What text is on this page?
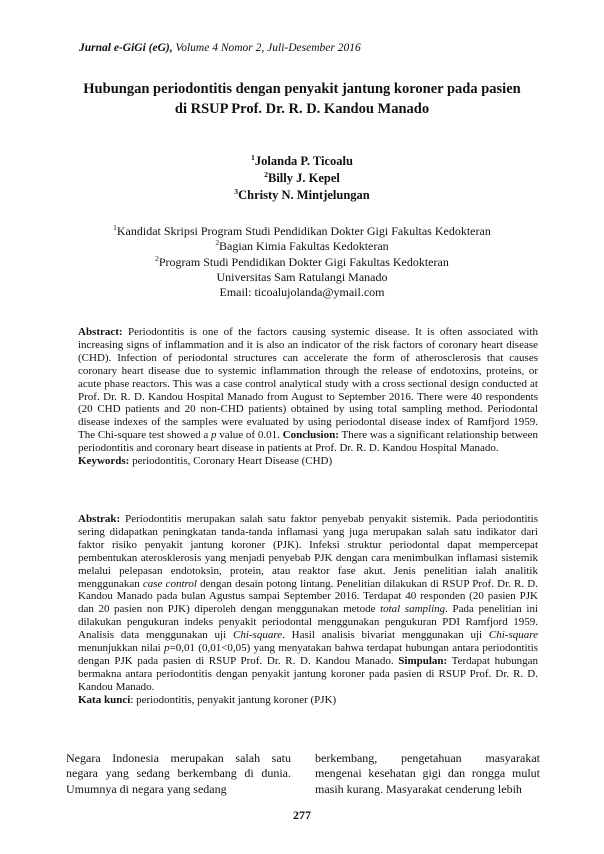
Jurnal e-GiGi (eG), Volume 4 Nomor 2, Juli-Desember 2016
Hubungan periodontitis dengan penyakit jantung koroner pada pasien
di RSUP Prof. Dr. R. D. Kandou Manado
$^1$Jolanda P. Ticoalu
$^2$Billy J. Kepel
$^3$Christy N. Mintjelungan
$^1$Kandidat Skripsi Program Studi Pendidikan Dokter Gigi Fakultas Kedokteran
$^2$Bagian Kimia Fakultas Kedokteran
$^2$Program Studi Pendidikan Dokter Gigi Fakultas Kedokteran
Universitas Sam Ratulangi Manado
Email: ticoalujolanda@ymail.com

Abstract: Periodontitis is one of the factors causing systemic disease. It is often associated with increasing signs of inflammation and it is also an indicator of the risk factors of coronary heart disease (CHD). Infection of periodontal structures can accelerate the form of atherosclerosis that causes coronary heart disease due to systemic inflammation through the release of endotoxins, proteins, or acute phase reactors. This was a case control analytical study with a cross sectional design conducted at Prof. Dr. R. D. Kandou Hospital Manado from August to September 2016. There were 40 respondents (20 CHD patients and 20 non-CHD patients) obtained by using total sampling method. Periodontal disease indexes of the samples were evaluated by using periodontal disease index of Ramfjord 1959. The Chi-square test showed a p value of 0.01. Conclusion: There was a significant relationship between periodontitis and coronary heart disease in patients at Prof. Dr. R. D. Kandou Hospital Manado.

Keywords: periodontitis, Coronary Heart Disease (CHD)

Abstrak: Periodontitis merupakan salah satu faktor penyebab penyakit sistemik. Pada periodontitis sering didapatkan peningkatan tanda-tanda inflamasi yang juga merupakan salah satu indikator dari faktor risiko penyakit jantung koroner (PJK). Infeksi struktur periodontal dapat mempercepat pembentukan aterosklerosis yang menjadi penyebab PJK dengan cara menimbulkan inflamasi sistemik melalui pelepasan endotoksin, protein, atau reaktor fase akut. Jenis penelitian ialah analitik menggunakan case control dengan desain potong lintang. Penelitian dilakukan di RSUP Prof. Dr. R. D. Kandou Manado pada bulan Agustus sampai September 2016. Terdapat 40 responden (20 pasien PJK dan 20 pasien non PJK) diperoleh dengan menggunakan metode total sampling. Pada penelitian ini dilakukan pengukuran indeks penyakit periodontal menggunakan pengukuran PDI Ramfjord 1959. Analisis data menggunakan uji Chi-square. Hasil analisis bivariat menggunakan uji Chi-square menunjukkan nilai p=0,01 (0,01<0,05) yang menyatakan bahwa terdapat hubungan antara periodontitis dengan PJK pada pasien di RSUP Prof. Dr. R. D. Kandou Manado. Simpulan: Terdapat hubungan bermakna antara periodontitis dengan penyakit jantung koroner pada pasien di RSUP Prof. Dr. R. D. Kandou Manado.

Kata kunci: periodontitis, penyakit jantung koroner (PJK)

Negara Indonesia merupakan salah satu negara yang sedang berkembang di dunia. Umumnya di negara yang sedang
berkembang, pengetahuan masyarakat mengenai kesehatan gigi dan rongga mulut masih kurang. Masyarakat cenderung lebih
277
